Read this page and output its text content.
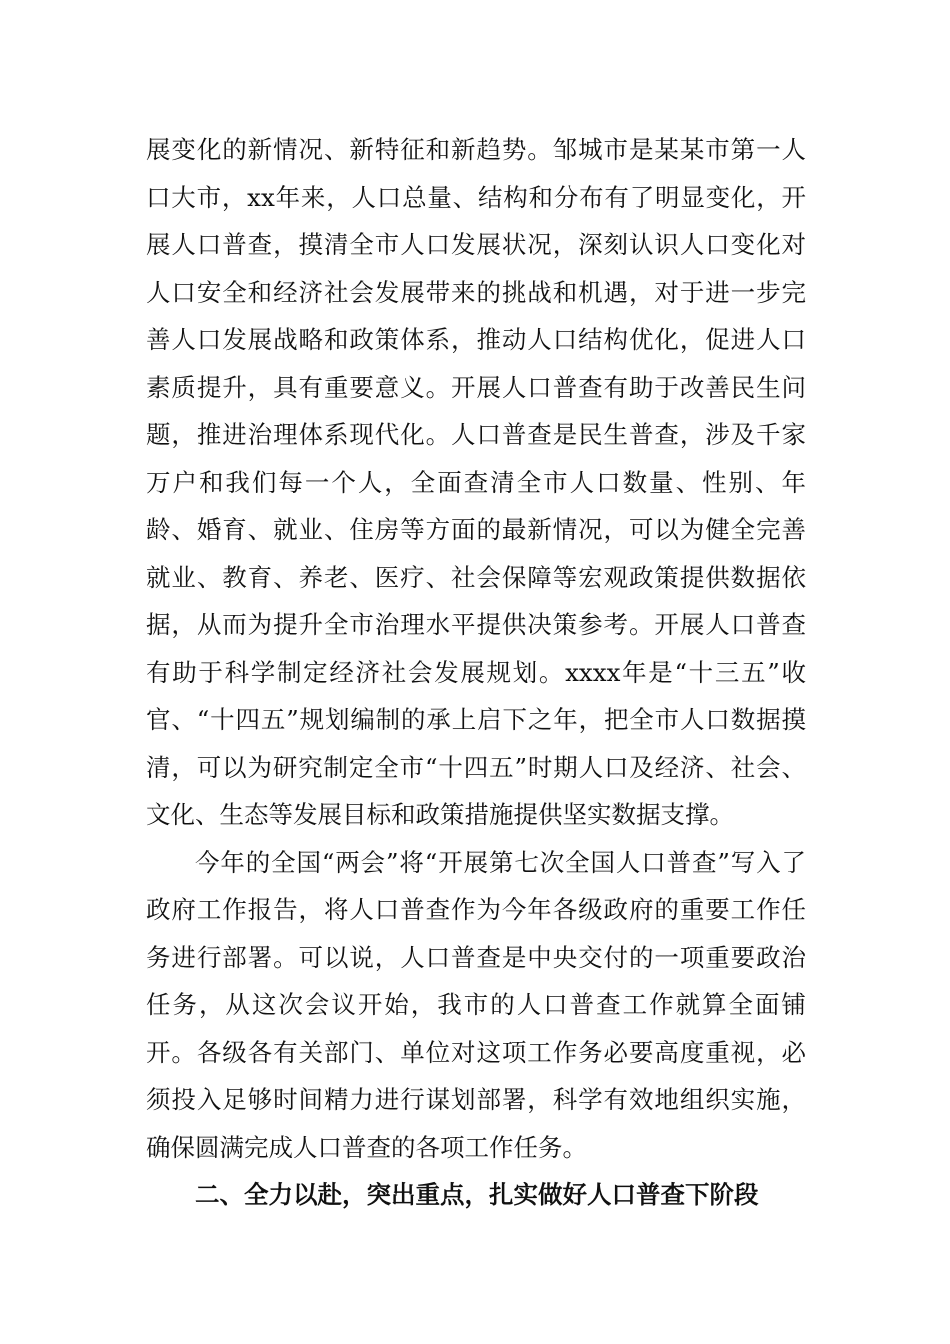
展变化的新情况、新特征和新趋势。邹城市是某某市第一人口大市，xx年来，人口总量、结构和分布有了明显变化，开展人口普查，摸清全市人口发展状况，深刻认识人口变化对人口安全和经济社会发展带来的挑战和机遇，对于进一步完善人口发展战略和政策体系，推动人口结构优化，促进人口素质提升，具有重要意义。开展人口普查有助于改善民生问题，推进治理体系现代化。人口普查是民生普查，涉及千家万户和我们每一个人，全面查清全市人口数量、性别、年龄、婚育、就业、住房等方面的最新情况，可以为健全完善就业、教育、养老、医疗、社会保障等宏观政策提供数据依据，从而为提升全市治理水平提供决策参考。开展人口普查有助于科学制定经济社会发展规划。xxxx年是“十三五”收官、“十四五”规划编制的承上启下之年，把全市人口数据摸清，可以为研究制定全市“十四五”时期人口及经济、社会、文化、生态等发展目标和政策措施提供坚实数据支撑。

今年的全国“两会”将“开展第七次全国人口普查”写入了政府工作报告，将人口普查作为今年各级政府的重要工作任务进行部署。可以说，人口普查是中央交付的一项重要政治任务，从这次会议开始，我市的人口普查工作就算全面铺开。各级各有关部门、单位对这项工作务必要高度重视，必须投入足够时间精力进行谋划部署，科学有效地组织实施，确保圆满完成人口普查的各项工作任务。

二、全力以赴，突出重点，扎实做好人口普查下阶段
